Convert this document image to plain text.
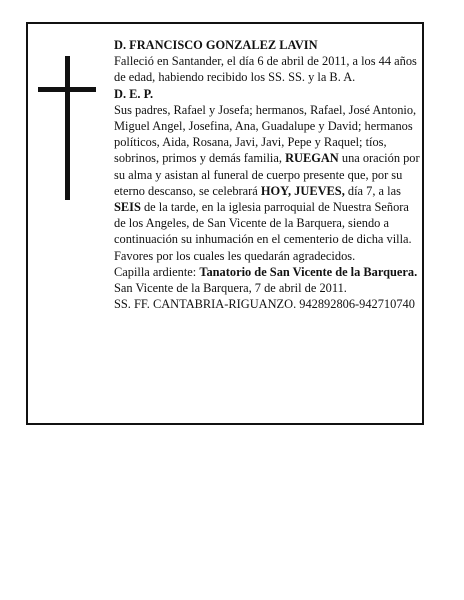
D. FRANCISCO GONZALEZ LAVIN

Falleció en Santander, el día 6 de abril de 2011, a los 44 años de edad, habiendo recibido los SS. SS. y la B. A.

D. E. P.

Sus padres, Rafael y Josefa; hermanos, Rafael, José Antonio, Miguel Angel, Josefina, Ana, Guadalupe y David; hermanos políticos, Aida, Rosana, Javi, Javi, Pepe y Raquel; tíos, sobrinos, primos y demás familia, RUEGAN una oración por su alma y asistan al funeral de cuerpo presente que, por su eterno descanso, se celebrará HOY, JUEVES, día 7, a las SEIS de la tarde, en la iglesia parroquial de Nuestra Señora de los Angeles, de San Vicente de la Barquera, siendo a continuación su inhumación en el cementerio de dicha villa. Favores por los cuales les quedarán agradecidos.

Capilla ardiente: Tanatorio de San Vicente de la Barquera.

San Vicente de la Barquera, 7 de abril de 2011.

SS. FF. CANTABRIA-RIGUANZO. 942892806-942710740
